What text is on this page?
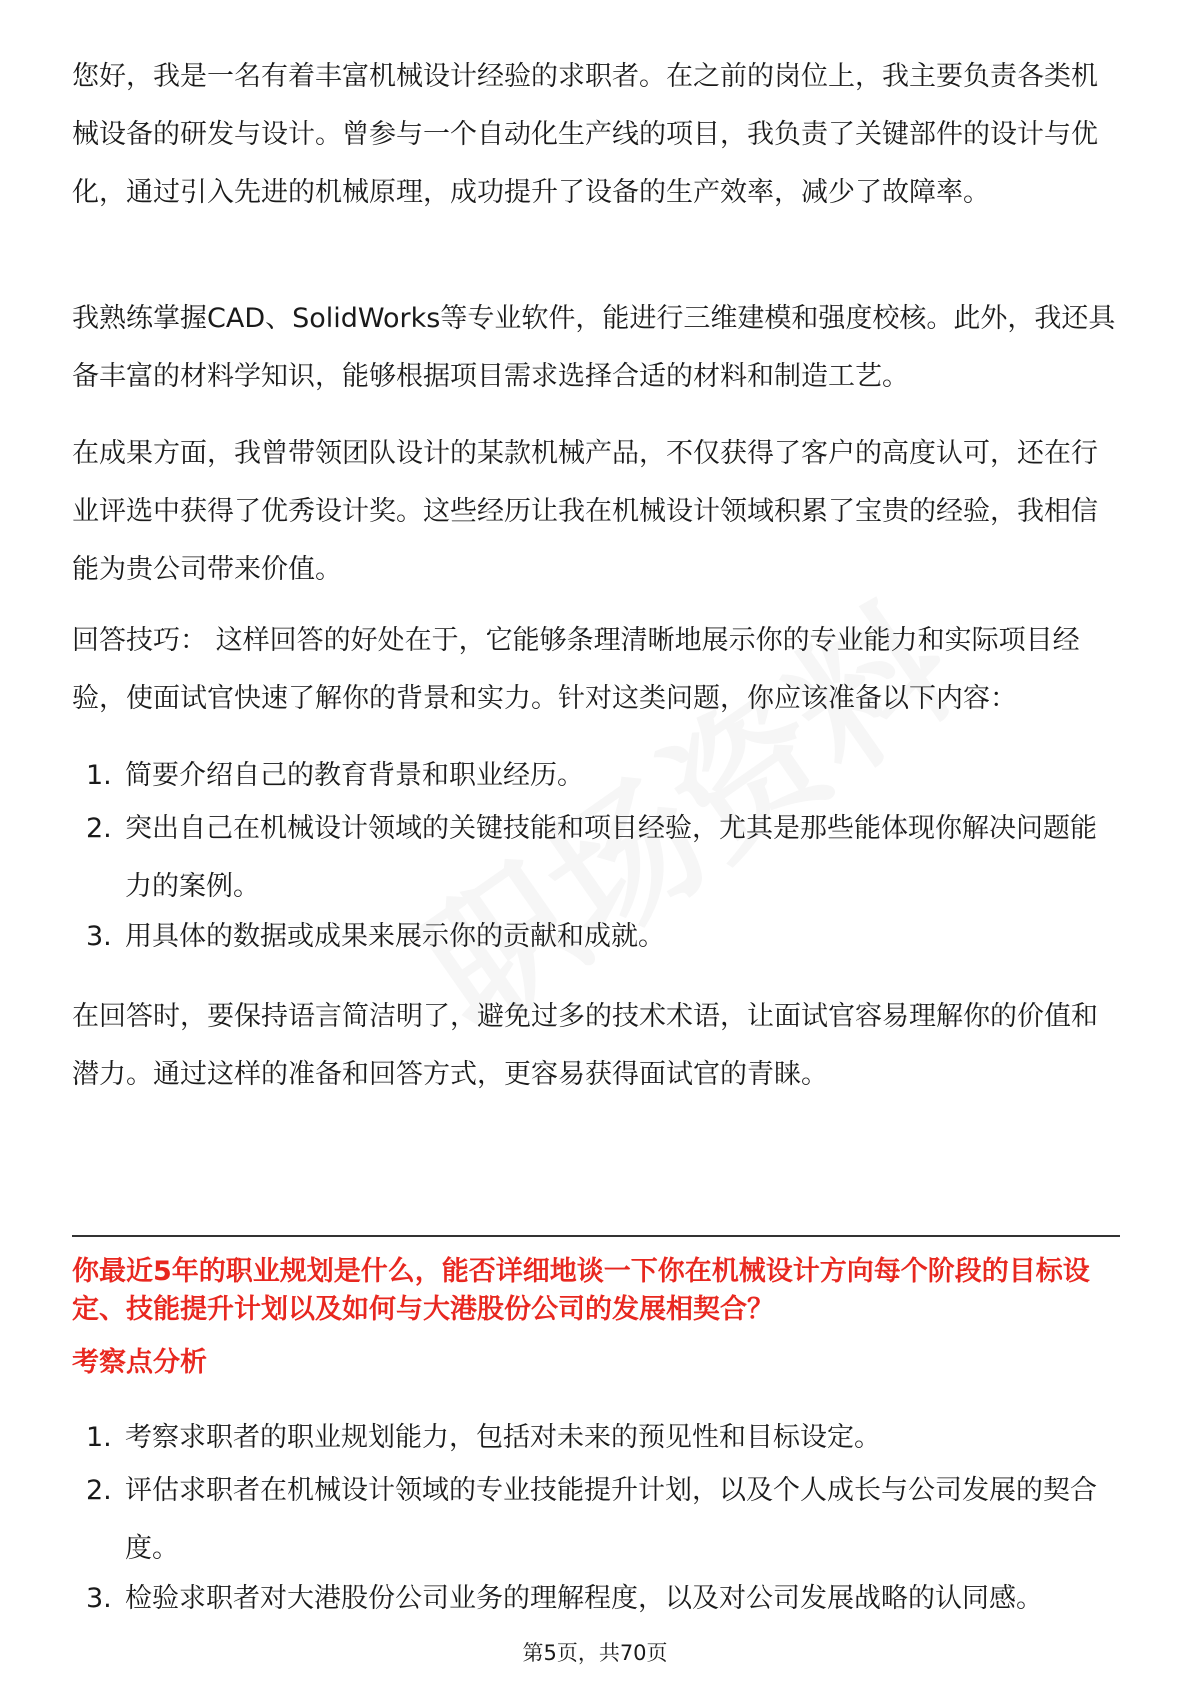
您好，我是一名有着丰富机械设计经验的求职者。在之前的岗位上，我主要负责各类机械设备的研发与设计。曾参与一个自动化生产线的项目，我负责了关键部件的设计与优化，通过引入先进的机械原理，成功提升了设备的生产效率，减少了故障率。

我熟练掌握CAD、SolidWorks等专业软件，能进行三维建模和强度校核。此外，我还具备丰富的材料学知识，能够根据项目需求选择合适的材料和制造工艺。

在成果方面，我曾带领团队设计的某款机械产品，不仅获得了客户的高度认可，还在行业评选中获得了优秀设计奖。这些经历让我在机械设计领域积累了宝贵的经验，我相信能为贵公司带来价值。

回答技巧： 这样回答的好处在于，它能够条理清晰地展示你的专业能力和实际项目经验，使面试官快速了解你的背景和实力。针对这类问题，你应该准备以下内容：

1. 简要介绍自己的教育背景和职业经历。
2. 突出自己在机械设计领域的关键技能和项目经验，尤其是那些能体现你解决问题能力的案例。
3. 用具体的数据或成果来展示你的贡献和成就。

在回答时，要保持语言简洁明了，避免过多的技术术语，让面试官容易理解你的价值和潜力。通过这样的准备和回答方式，更容易获得面试官的青睐。

你最近5年的职业规划是什么，能否详细地谈一下你在机械设计方向每个阶段的目标设定、技能提升计划以及如何与大港股份公司的发展相契合？

考察点分析

1. 考察求职者的职业规划能力，包括对未来的预见性和目标设定。
2. 评估求职者在机械设计领域的专业技能提升计划，以及个人成长与公司发展的契合度。
3. 检验求职者对大港股份公司业务的理解程度，以及对公司发展战略的认同感。
第5页，共70页
